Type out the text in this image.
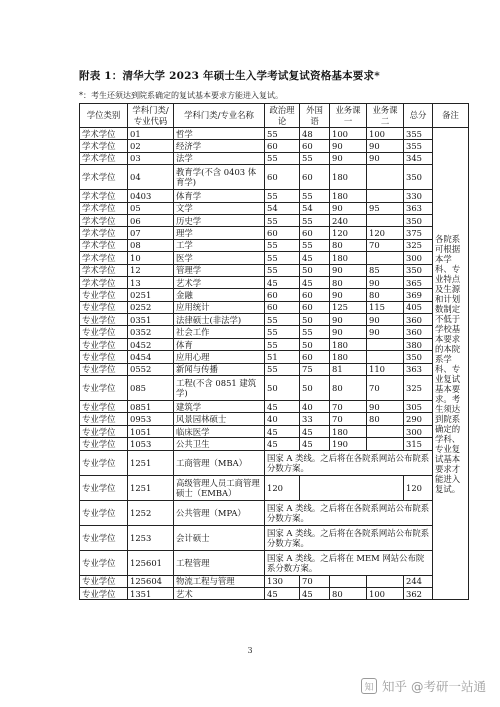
附表 1：清华大学 2023 年硕士生入学考试复试资格基本要求*
*：考生还须达到院系确定的复试基本要求方能进入复试。
学位类别	学科门类/专业代码	学科门类/专业名称	政治理论	外国语	业务课一	业务课二	总分	备注
学术学位	01	哲学	55	48	100	100	355	各院系可根据本学科、专业特点及生源和计划数制定不低于学校基本要求的本院系学科、专业复试基本要求。考生须达到院系确定的学科、专业复试基本要求才能进入复试。
学术学位	02	经济学	60	60	90	90	355	
学术学位	03	法学	55	55	90	90	345	
学术学位	04	教育学(不含 0403 体育学)	60	60	180		350	
学术学位	0403	体育学	55	55	180		330	
学术学位	05	文学	54	54	90	95	363	
学术学位	06	历史学	55	55	240		350	
学术学位	07	理学	60	60	120	120	375	
学术学位	08	工学	55	55	80	70	325	
学术学位	10	医学	55	45	180		300	
学术学位	12	管理学	55	50	90	85	350	
学术学位	13	艺术学	45	45	80	90	365	
专业学位	0251	金融	60	60	90	80	369	
专业学位	0252	应用统计	60	60	125	115	405	
专业学位	0351	法律硕士(非法学)	55	50	90	90	360	
专业学位	0352	社会工作	55	55	90	90	360	
专业学位	0452	体育	55	50	180		380	
专业学位	0454	应用心理	51	60	180		350	
专业学位	0552	新闻与传播	55	75	81	110	363	
专业学位	085	工程(不含 0851 建筑学)	50	50	80	70	325	
专业学位	0851	建筑学	45	40	70	90	305	
专业学位	0953	风景园林硕士	40	33	70	80	290	
专业学位	1051	临床医学	45	45	180		300	
专业学位	1053	公共卫生	45	45	190		315	
专业学位	1251	工商管理（MBA）	国家 A 类线。之后将在各院系网站公布院系分数方案。					
专业学位	1251	高级管理人员工商管理硕士（EMBA）	120				120	
专业学位	1252	公共管理（MPA）	国家 A 类线。之后将在各院系网站公布院系分数方案。					
专业学位	1253	会计硕士	国家 A 类线。之后将在各院系网站公布院系分数方案。					
专业学位	125601	工程管理	国家 A 类线。之后将在 MEM 网站公布院系分数方案。					
专业学位	125604	物流工程与管理	130	70			244	
专业学位	1351	艺术	45	45	80	100	362	
3
知 知乎 @考研一站通
